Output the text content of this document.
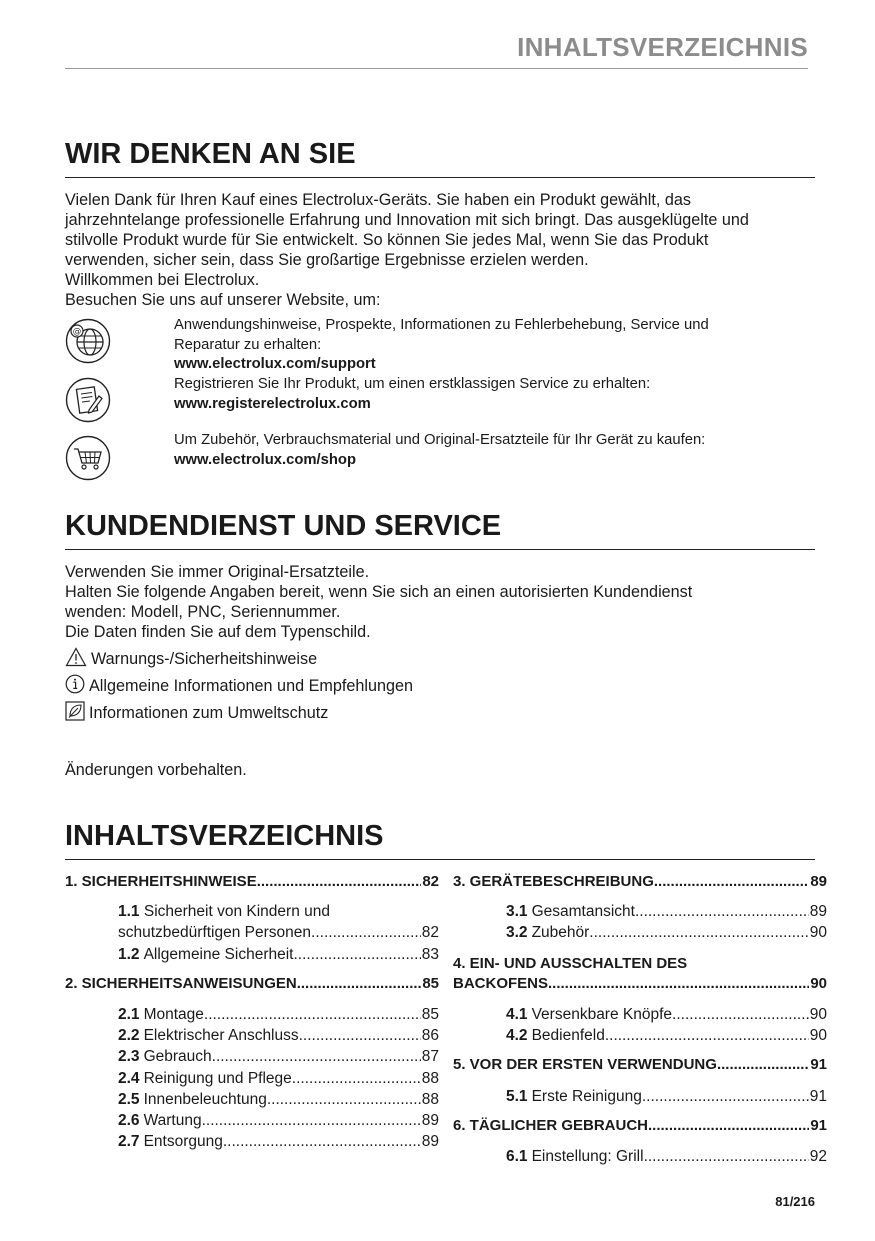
INHALTSVERZEICHNIS
WIR DENKEN AN SIE
Vielen Dank für Ihren Kauf eines Electrolux-Geräts. Sie haben ein Produkt gewählt, das
jahrzehntelange professionelle Erfahrung und Innovation mit sich bringt. Das ausgeklügelte und
stilvolle Produkt wurde für Sie entwickelt. So können Sie jedes Mal, wenn Sie das Produkt
verwenden, sicher sein, dass Sie großartige Ergebnisse erzielen werden.
Willkommen bei Electrolux.
Besuchen Sie uns auf unserer Website, um:
@	Anwendungshinweise, Prospekte, Informationen zu Fehlerbehebung, Service und
Reparatur zu erhalten:
www.electrolux.com/support
Registrieren Sie Ihr Produkt, um einen erstklassigen Service zu erhalten:
www.registerelectrolux.com
Um Zubehör, Verbrauchsmaterial und Original-Ersatzteile für Ihr Gerät zu kaufen:
www.electrolux.com/shop
KUNDENDIENST UND SERVICE
Verwenden Sie immer Original-Ersatzteile.
Halten Sie folgende Angaben bereit, wenn Sie sich an einen autorisierten Kundendienst
wenden: Modell, PNC, Seriennummer.
Die Daten finden Sie auf dem Typenschild.
Warnungs-/Sicherheitshinweise
Allgemeine Informationen und Empfehlungen
Informationen zum Umweltschutz
Änderungen vorbehalten.
INHALTSVERZEICHNIS
1. SICHERHEITSHINWEISE .....	82
1.1 Sicherheit von Kindern und
schutzbedürftigen Personen .....	82
1.2 Allgemeine Sicherheit .....	83
2. SICHERHEITSANWEISUNGEN .....	85
2.1 Montage .....	85
2.2 Elektrischer Anschluss .....	86
2.3 Gebrauch .....	87
2.4 Reinigung und Pflege .....	88
2.5 Innenbeleuchtung .....	88
2.6 Wartung .....	89
2.7 Entsorgung .....	89
3. GERÄTEBESCHREIBUNG .....	89
3.1 Gesamtansicht .....	89
3.2 Zubehör .....	90
4. EIN- UND AUSSCHALTEN DES
BACKOFENS .....	90
4.1 Versenkbare Knöpfe .....	90
4.2 Bedienfeld .....	90
5. VOR DER ERSTEN VERWENDUNG .....	91
5.1 Erste Reinigung .....	91
6. TÄGLICHER GEBRAUCH .....	91
6.1 Einstellung: Grill .....	92
81/216
